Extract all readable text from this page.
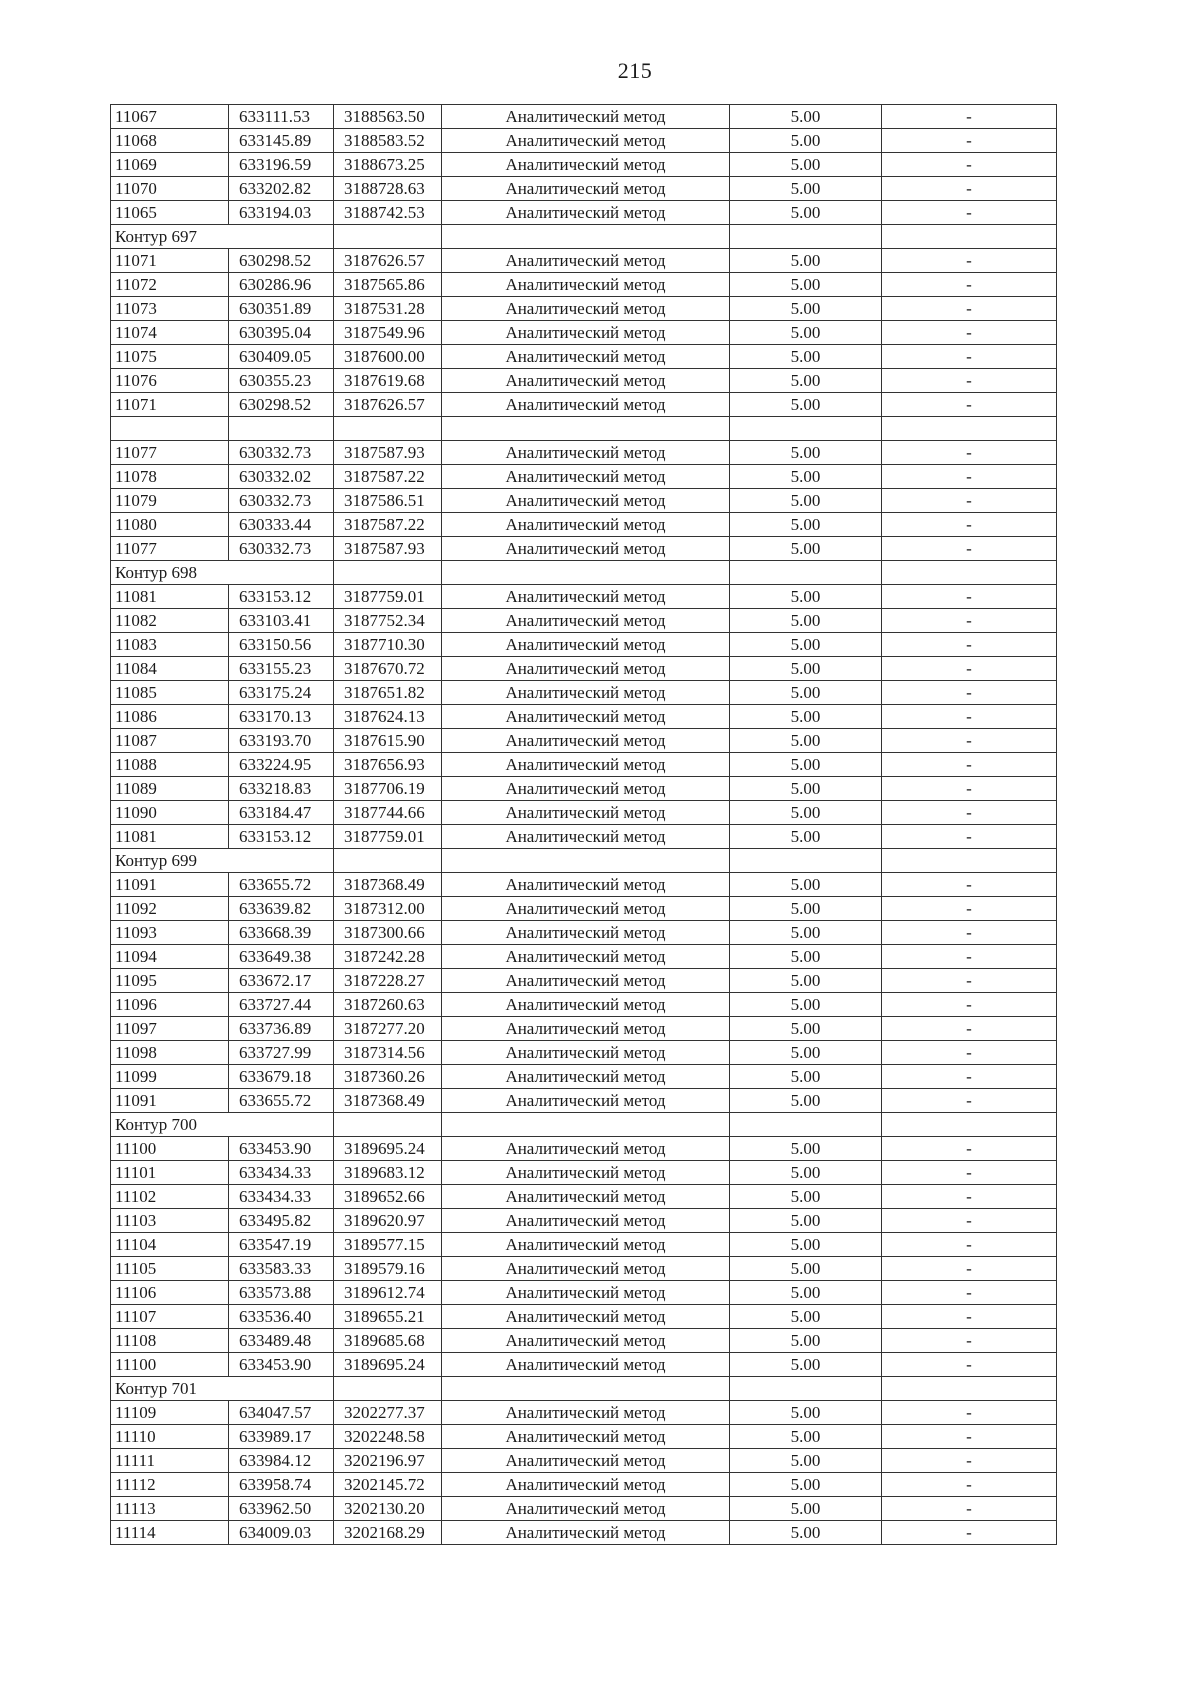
215
11067	633111.53	3188563.50	Аналитический метод	5.00	-
11068	633145.89	3188583.52	Аналитический метод	5.00	-
11069	633196.59	3188673.25	Аналитический метод	5.00	-
11070	633202.82	3188728.63	Аналитический метод	5.00	-
11065	633194.03	3188742.53	Аналитический метод	5.00	-
Контур 697					
11071	630298.52	3187626.57	Аналитический метод	5.00	-
11072	630286.96	3187565.86	Аналитический метод	5.00	-
11073	630351.89	3187531.28	Аналитический метод	5.00	-
11074	630395.04	3187549.96	Аналитический метод	5.00	-
11075	630409.05	3187600.00	Аналитический метод	5.00	-
11076	630355.23	3187619.68	Аналитический метод	5.00	-
11071	630298.52	3187626.57	Аналитический метод	5.00	-

11077	630332.73	3187587.93	Аналитический метод	5.00	-
11078	630332.02	3187587.22	Аналитический метод	5.00	-
11079	630332.73	3187586.51	Аналитический метод	5.00	-
11080	630333.44	3187587.22	Аналитический метод	5.00	-
11077	630332.73	3187587.93	Аналитический метод	5.00	-
Контур 698					
11081	633153.12	3187759.01	Аналитический метод	5.00	-
11082	633103.41	3187752.34	Аналитический метод	5.00	-
11083	633150.56	3187710.30	Аналитический метод	5.00	-
11084	633155.23	3187670.72	Аналитический метод	5.00	-
11085	633175.24	3187651.82	Аналитический метод	5.00	-
11086	633170.13	3187624.13	Аналитический метод	5.00	-
11087	633193.70	3187615.90	Аналитический метод	5.00	-
11088	633224.95	3187656.93	Аналитический метод	5.00	-
11089	633218.83	3187706.19	Аналитический метод	5.00	-
11090	633184.47	3187744.66	Аналитический метод	5.00	-
11081	633153.12	3187759.01	Аналитический метод	5.00	-
Контур 699					
11091	633655.72	3187368.49	Аналитический метод	5.00	-
11092	633639.82	3187312.00	Аналитический метод	5.00	-
11093	633668.39	3187300.66	Аналитический метод	5.00	-
11094	633649.38	3187242.28	Аналитический метод	5.00	-
11095	633672.17	3187228.27	Аналитический метод	5.00	-
11096	633727.44	3187260.63	Аналитический метод	5.00	-
11097	633736.89	3187277.20	Аналитический метод	5.00	-
11098	633727.99	3187314.56	Аналитический метод	5.00	-
11099	633679.18	3187360.26	Аналитический метод	5.00	-
11091	633655.72	3187368.49	Аналитический метод	5.00	-
Контур 700					
11100	633453.90	3189695.24	Аналитический метод	5.00	-
11101	633434.33	3189683.12	Аналитический метод	5.00	-
11102	633434.33	3189652.66	Аналитический метод	5.00	-
11103	633495.82	3189620.97	Аналитический метод	5.00	-
11104	633547.19	3189577.15	Аналитический метод	5.00	-
11105	633583.33	3189579.16	Аналитический метод	5.00	-
11106	633573.88	3189612.74	Аналитический метод	5.00	-
11107	633536.40	3189655.21	Аналитический метод	5.00	-
11108	633489.48	3189685.68	Аналитический метод	5.00	-
11100	633453.90	3189695.24	Аналитический метод	5.00	-
Контур 701					
11109	634047.57	3202277.37	Аналитический метод	5.00	-
11110	633989.17	3202248.58	Аналитический метод	5.00	-
11111	633984.12	3202196.97	Аналитический метод	5.00	-
11112	633958.74	3202145.72	Аналитический метод	5.00	-
11113	633962.50	3202130.20	Аналитический метод	5.00	-
11114	634009.03	3202168.29	Аналитический метод	5.00	-
